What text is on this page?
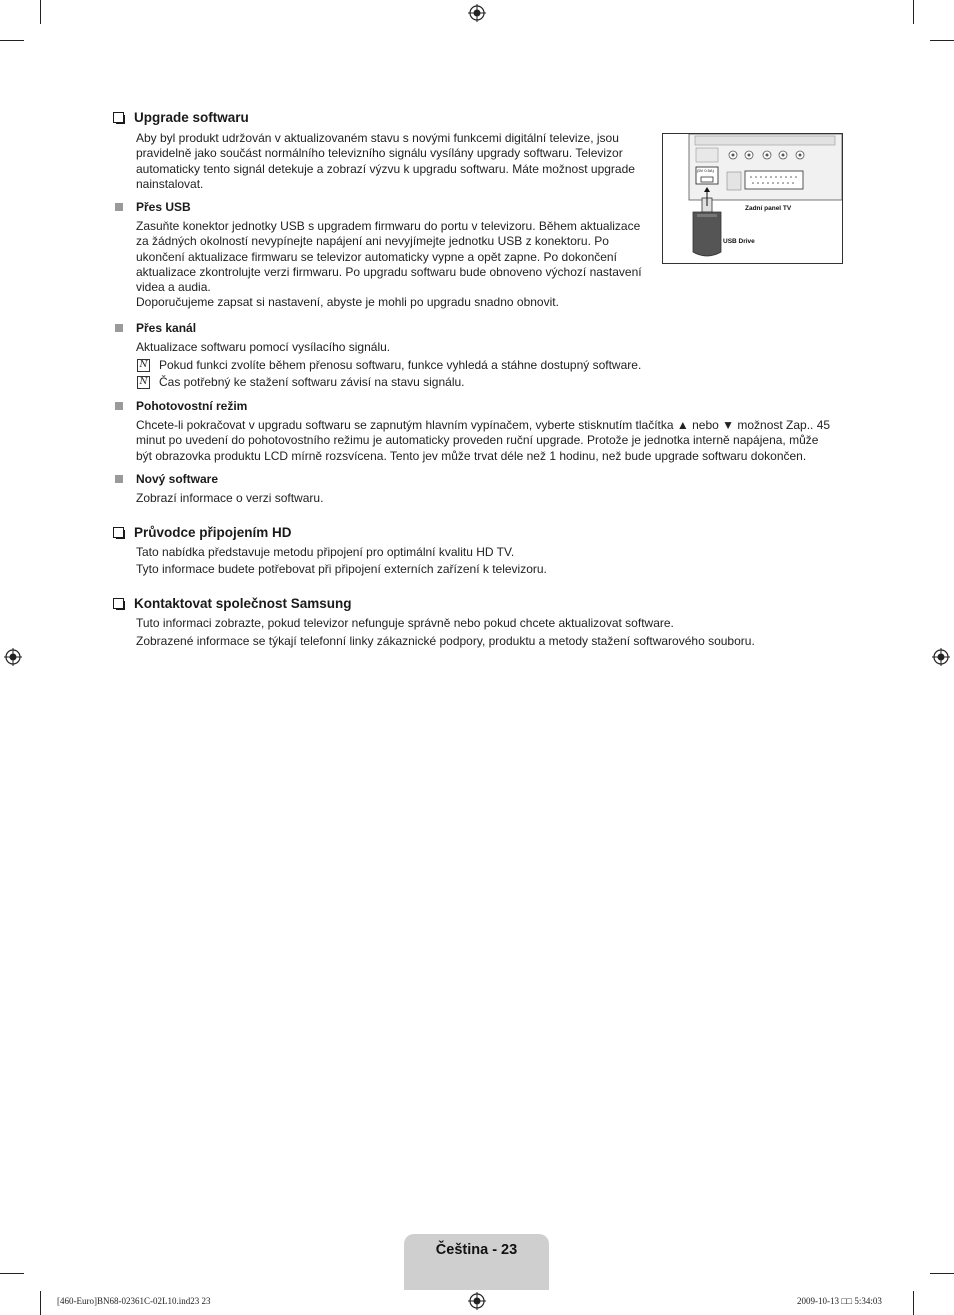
Upgrade softwaru
Aby byl produkt udržován v aktualizovaném stavu s novými funkcemi digitální televize, jsou
pravidelně jako součást normálního televizního signálu vysílány upgrady softwaru. Televizor
automaticky tento signál detekuje a zobrazí výzvu k upgradu softwaru. Máte možnost upgrade
nainstalovat.
Přes USB
Zasuňte konektor jednotky USB s upgradem firmwaru do portu v televizoru. Během aktualizace
za žádných okolností nevypínejte napájení ani nevyjímejte jednotku USB z konektoru. Po
ukončení aktualizace firmwaru se televizor automaticky vypne a opět zapne. Po dokončení
aktualizace zkontrolujte verzi firmwaru. Po upgradu softwaru bude obnoveno výchozí nastavení
videa a audia.
Doporučujeme zapsat si nastavení, abyste je mohli po upgradu snadno obnovit.
Přes kanál
Aktualizace softwaru pomocí vysílacího signálu.
N Pokud funkci zvolíte během přenosu softwaru, funkce vyhledá a stáhne dostupný software.
N Čas potřebný ke stažení softwaru závisí na stavu signálu.
Pohotovostní režim
Chcete-li pokračovat v upgradu softwaru se zapnutým hlavním vypínačem, vyberte stisknutím tlačítka ▲ nebo ▼ možnost Zap.. 45
minut po uvedení do pohotovostního režimu je automaticky proveden ruční upgrade. Protože je jednotka interně napájena, může
být obrazovka produktu LCD mírně rozsvícena. Tento jev může trvat déle než 1 hodinu, než bude upgrade softwaru dokončen.
Nový software
Zobrazí informace o verzi softwaru.
Průvodce připojením HD
Tato nabídka představuje metodu připojení pro optimální kvalitu HD TV.
Tyto informace budete potřebovat při připojení externích zařízení k televizoru.
Kontaktovat společnost Samsung
Tuto informaci zobrazte, pokud televizor nefunguje správně nebo pokud chcete aktualizovat software.
Zobrazené informace se týkají telefonní linky zákaznické podpory, produktu a metody stažení softwarového souboru.
(5V 0.5A)
Zadní panel TV
USB Drive
Čeština - 23
[460-Euro]BN68-02361C-02L10.ind23 23	2009-10-13 □□ 5:34:03
